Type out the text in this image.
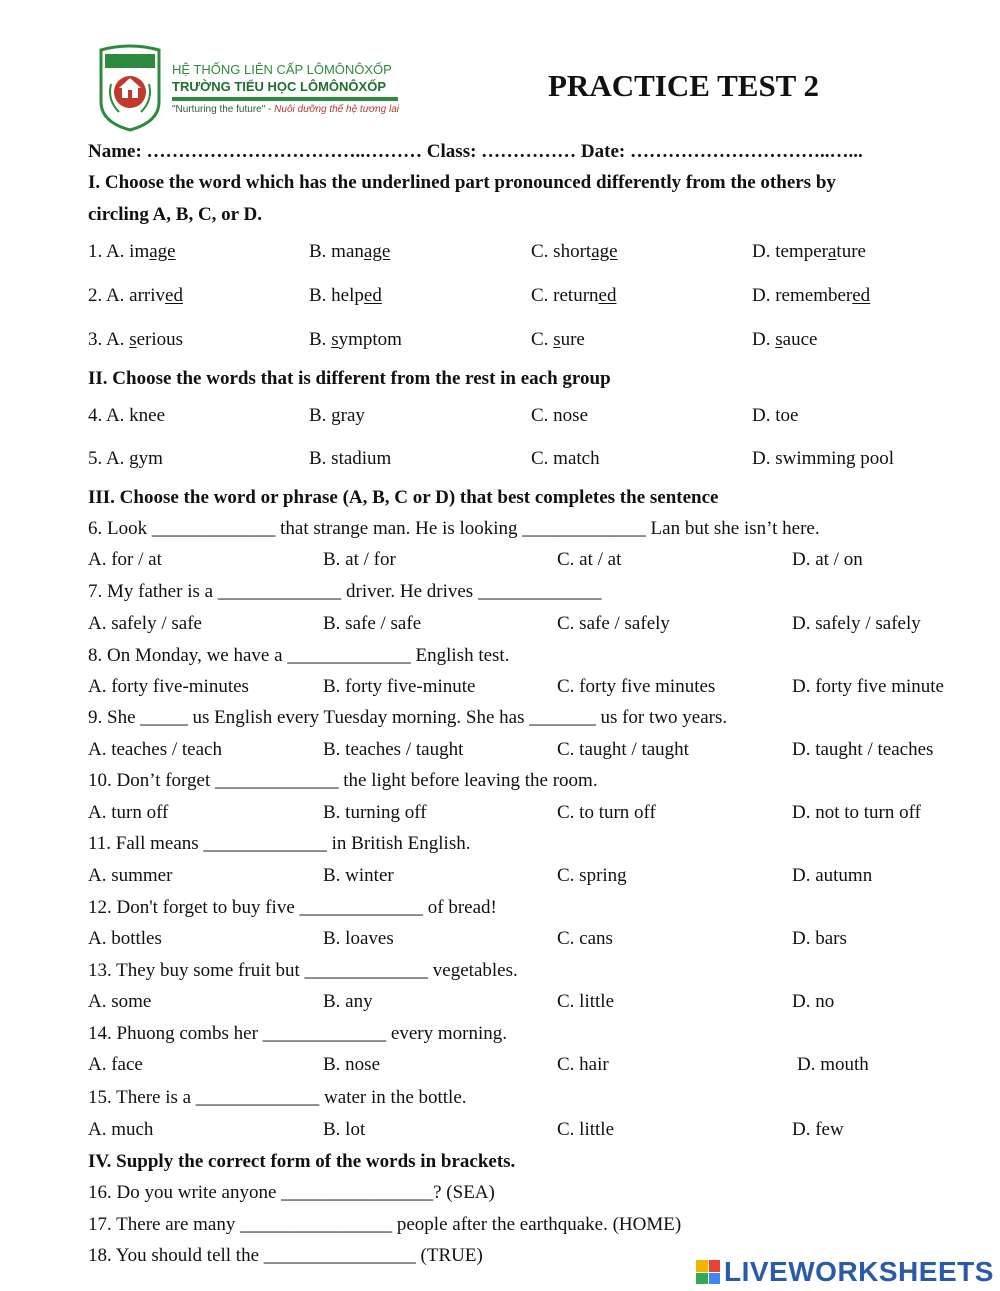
HỆ THỐNG LIÊN CẤP LÔMÔNÔXỐP
TRƯỜNG TIỂU HỌC LÔMÔNÔXỐP
"Nurturing the future" - Nuôi dưỡng thế hệ tương lai
PRACTICE TEST 2
Name: ……………………………..……… Class: …………… Date: …………………………..…...
I. Choose the word which has the underlined part pronounced differently from the others by
circling A, B, C, or D.
1. A. image	B. manage	C. shortage	D. temperature
2. A. arrived	B. helped	C. returned	D. remembered
3. A. serious	B. symptom	C. sure	D. sauce
II. Choose the words that is different from the rest in each group
4. A. knee	B. gray	C. nose	D. toe
5. A. gym	B. stadium	C. match	D. swimming pool
III. Choose the word or phrase (A, B, C or D) that best completes the sentence
6. Look _____________ that strange man. He is looking _____________ Lan but she isn’t here.
A. for / at	B. at / for	C. at / at	D. at / on
7. My father is a _____________ driver. He drives _____________
A. safely / safe	B. safe / safe	C. safe / safely	D. safely / safely
8. On Monday, we have a _____________ English test.
A. forty five-minutes	B. forty five-minute	C. forty five minutes	D. forty five minute
9. She _____ us English every Tuesday morning. She has _______ us for two years.
A. teaches / teach	B. teaches / taught	C. taught / taught	D. taught / teaches
10. Don’t forget _____________ the light before leaving the room.
A. turn off	B. turning off	C. to turn off	D. not to turn off
11. Fall means _____________ in British English.
A. summer	B. winter	C. spring	D. autumn
12. Don't forget to buy five _____________ of bread!
A. bottles	B. loaves	C. cans	D. bars
13. They buy some fruit but _____________ vegetables.
A. some	B. any	C. little	D. no
14. Phuong combs her _____________ every morning.
A. face	B. nose	C. hair	D. mouth
15. There is a _____________ water in the bottle.
A. much	B. lot	C. little	D. few
IV. Supply the correct form of the words in brackets.
16. Do you write anyone ________________? (SEA)
17. There are many ________________ people after the earthquake. (HOME)
18. You should tell the ________________ (TRUE)
LIVEWORKSHEETS
